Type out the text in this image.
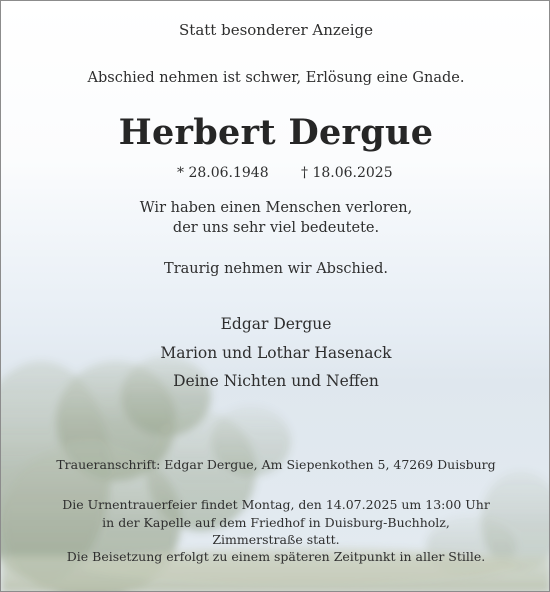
Statt besonderer Anzeige
Abschied nehmen ist schwer, Erlösung eine Gnade.
Herbert Dergue
* 28.06.1948 † 18.06.2025
Wir haben einen Menschen verloren,
der uns sehr viel bedeutete.
Traurig nehmen wir Abschied.
Edgar Dergue
Marion und Lothar Hasenack
Deine Nichten und Neffen
Traueranschrift: Edgar Dergue, Am Siepenkothen 5, 47269 Duisburg
Die Urnentrauerfeier findet Montag, den 14.07.2025 um 13:00 Uhr
in der Kapelle auf dem Friedhof in Duisburg-Buchholz,
Zimmerstraße statt.
Die Beisetzung erfolgt zu einem späteren Zeitpunkt in aller Stille.
